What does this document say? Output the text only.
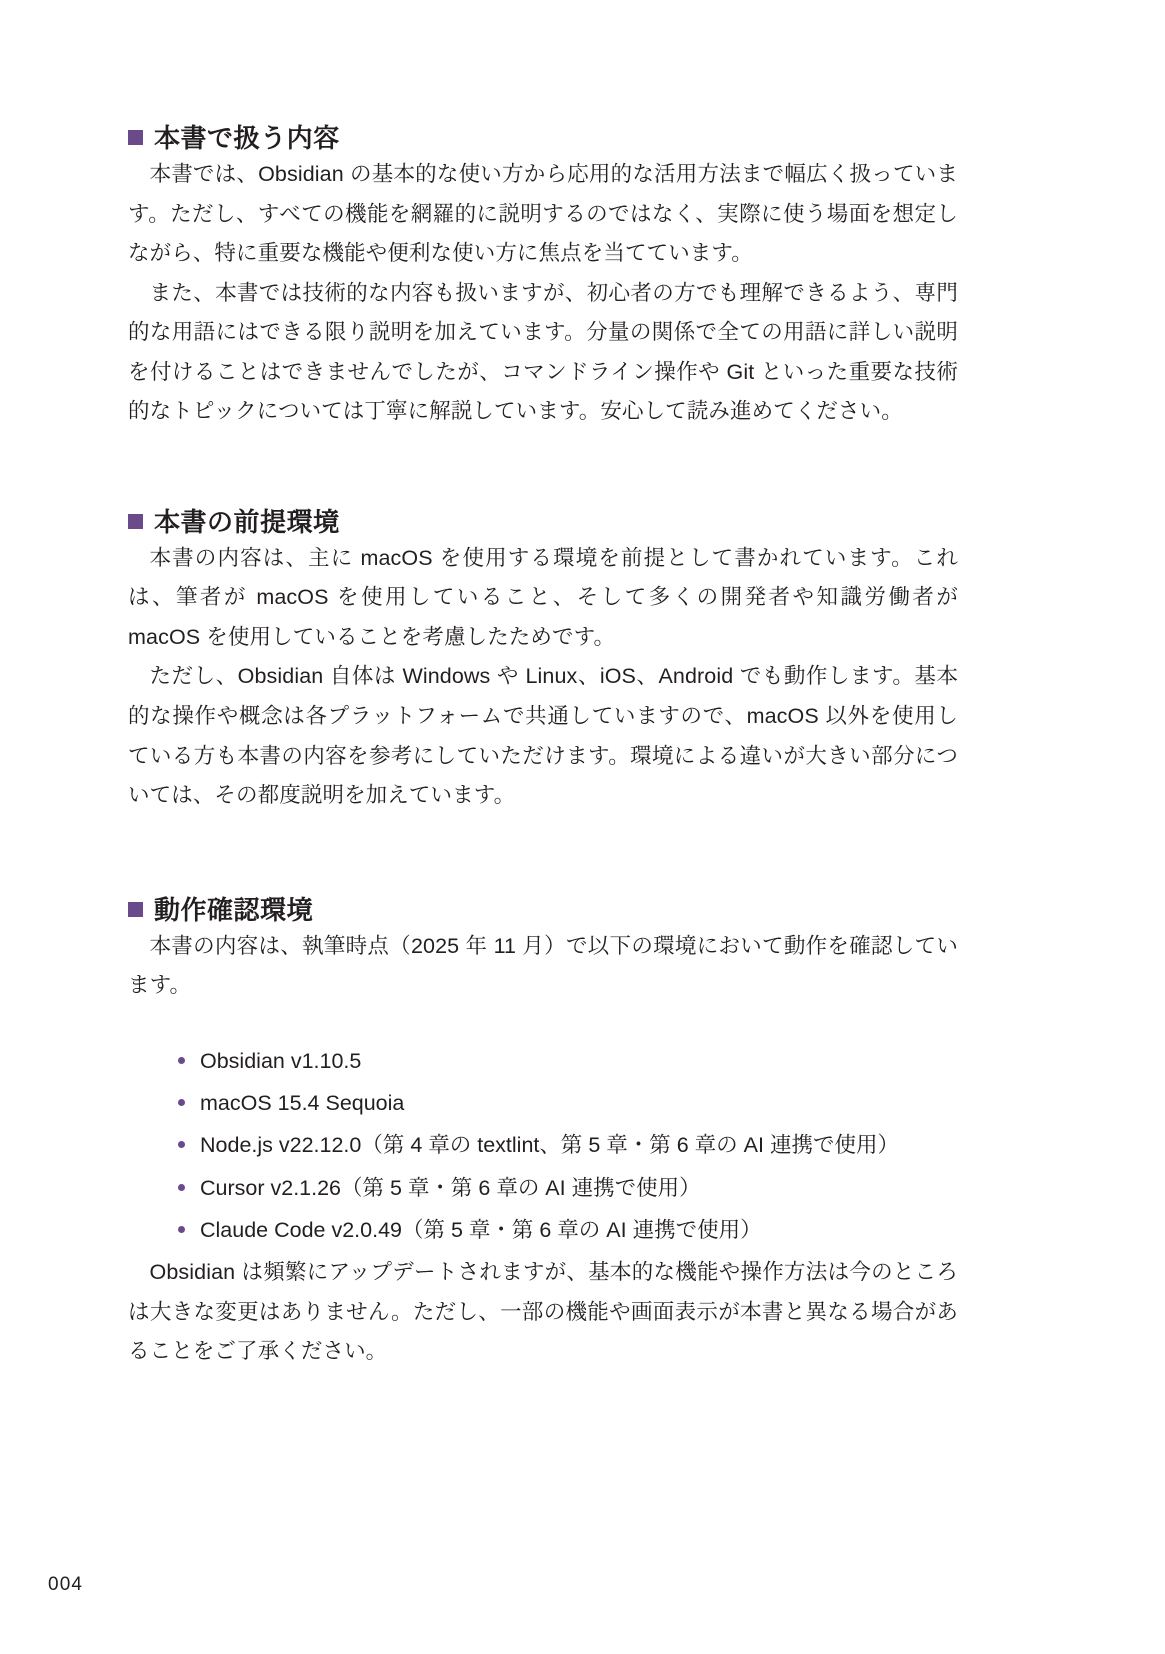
本書で扱う内容

本書では、Obsidian の基本的な使い方から応用的な活用方法まで幅広く扱っています。ただし、すべての機能を網羅的に説明するのではなく、実際に使う場面を想定しながら、特に重要な機能や便利な使い方に焦点を当てています。

また、本書では技術的な内容も扱いますが、初心者の方でも理解できるよう、専門的な用語にはできる限り説明を加えています。分量の関係で全ての用語に詳しい説明を付けることはできませんでしたが、コマンドライン操作や Git といった重要な技術的なトピックについては丁寧に解説しています。安心して読み進めてください。

本書の前提環境

本書の内容は、主に macOS を使用する環境を前提として書かれています。これは、筆者が macOS を使用していること、そして多くの開発者や知識労働者が macOS を使用していることを考慮したためです。

ただし、Obsidian 自体は Windows や Linux、iOS、Android でも動作します。基本的な操作や概念は各プラットフォームで共通していますので、macOS 以外を使用している方も本書の内容を参考にしていただけます。環境による違いが大きい部分については、その都度説明を加えています。

動作確認環境

本書の内容は、執筆時点（2025 年 11 月）で以下の環境において動作を確認しています。

Obsidian v1.10.5
macOS 15.4 Sequoia
Node.js v22.12.0（第 4 章の textlint、第 5 章・第 6 章の AI 連携で使用）
Cursor v2.1.26（第 5 章・第 6 章の AI 連携で使用）
Claude Code v2.0.49（第 5 章・第 6 章の AI 連携で使用）

Obsidian は頻繁にアップデートされますが、基本的な機能や操作方法は今のところは大きな変更はありません。ただし、一部の機能や画面表示が本書と異なる場合があることをご了承ください。

004
